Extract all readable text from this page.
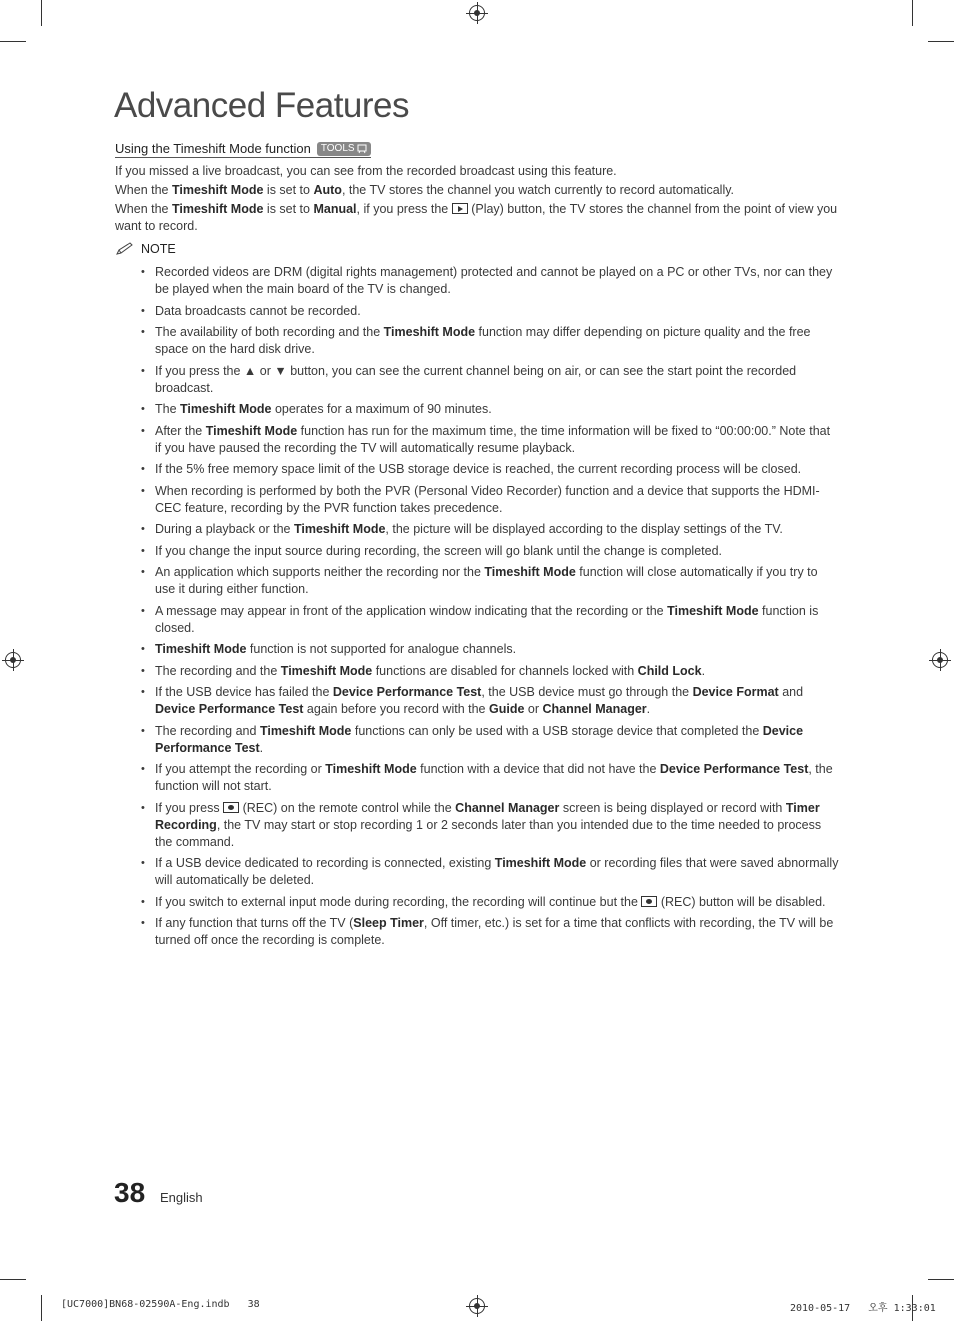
Advanced Features
Using the Timeshift Mode function TOOLS

If you missed a live broadcast, you can see from the recorded broadcast using this feature.

When the Timeshift Mode is set to Auto, the TV stores the channel you watch currently to record automatically.

When the Timeshift Mode is set to Manual, if you press the  (Play) button, the TV stores the channel from the point of view you want to record.

NOTE
• Recorded videos are DRM (digital rights management) protected and cannot be played on a PC or other TVs, nor can they be played when the main board of the TV is changed.
• Data broadcasts cannot be recorded.
• The availability of both recording and the Timeshift Mode function may differ depending on picture quality and the free space on the hard disk drive.
• If you press the ▲ or ▼ button, you can see the current channel being on air, or can see the start point the recorded broadcast.
• The Timeshift Mode operates for a maximum of 90 minutes.
• After the Timeshift Mode function has run for the maximum time, the time information will be fixed to “00:00:00.” Note that if you have paused the recording the TV will automatically resume playback.
• If the 5% free memory space limit of the USB storage device is reached, the current recording process will be closed.
• When recording is performed by both the PVR (Personal Video Recorder) function and a device that supports the HDMI-CEC feature, recording by the PVR function takes precedence.
• During a playback or the Timeshift Mode, the picture will be displayed according to the display settings of the TV.
• If you change the input source during recording, the screen will go blank until the change is completed.
• An application which supports neither the recording nor the Timeshift Mode function will close automatically if you try to use it during either function.
• A message may appear in front of the application window indicating that the recording or the Timeshift Mode function is closed.
• Timeshift Mode function is not supported for analogue channels.
• The recording and the Timeshift Mode functions are disabled for channels locked with Child Lock.
• If the USB device has failed the Device Performance Test, the USB device must go through the Device Format and Device Performance Test again before you record with the Guide or Channel Manager.
• The recording and Timeshift Mode functions can only be used with a USB storage device that completed the Device Performance Test.
• If you attempt the recording or Timeshift Mode function with a device that did not have the Device Performance Test, the function will not start.
• If you press  (REC) on the remote control while the Channel Manager screen is being displayed or record with Timer Recording, the TV may start or stop recording 1 or 2 seconds later than you intended due to the time needed to process the command.
• If a USB device dedicated to recording is connected, existing Timeshift Mode or recording files that were saved abnormally will automatically be deleted.
• If you switch to external input mode during recording, the recording will continue but the  (REC) button will be disabled.
• If any function that turns off the TV (Sleep Timer, Off timer, etc.) is set for a time that conflicts with recording, the TV will be turned off once the recording is complete.
38 English
[UC7000]BN68-02590A-Eng.indb   38	2010-05-17   오후 1:33:01
